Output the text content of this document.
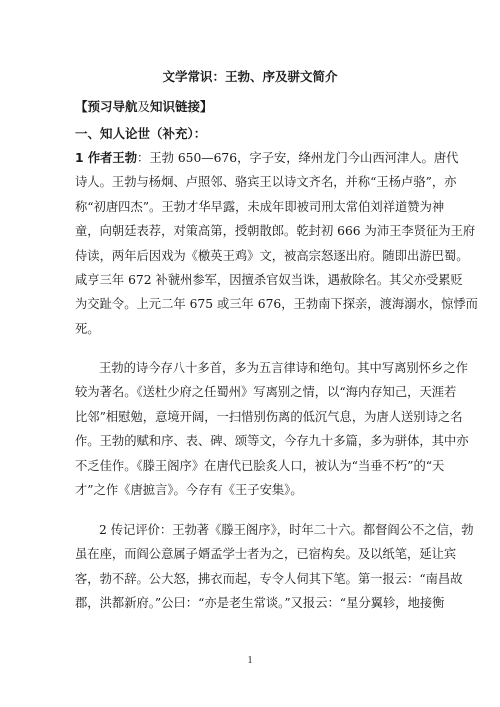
文学常识：王勃、序及骈文简介
【预习导航及知识链接】
一、知人论世（补充）：
1 作者王勃：王勃 650—676，字子安，绛州龙门今山西河津人。唐代
诗人。王勃与杨炯、卢照邻、骆宾王以诗文齐名，并称“王杨卢骆”，亦
称“初唐四杰”。王勃才华早露，未成年即被司刑太常伯刘祥道赞为神
童，向朝廷表荐，对策高第，授朝散郎。乾封初 666 为沛王李贤征为王府
侍读，两年后因戏为《檄英王鸡》文，被高宗怒逐出府。随即出游巴蜀。
咸亨三年 672 补虢州参军，因擅杀官奴当诛，遇赦除名。其父亦受累贬
为交趾令。上元二年 675 或三年 676，王勃南下探亲，渡海溺水，惊悸而
死。
王勃的诗今存八十多首，多为五言律诗和绝句。其中写离别怀乡之作
较为著名。《送杜少府之任蜀州》写离别之情，以“海内存知己，天涯若
比邻”相慰勉，意境开阔，一扫惜别伤离的低沉气息，为唐人送别诗之名
作。王勃的赋和序、表、碑、颂等文，今存九十多篇，多为骈体，其中亦
不乏佳作。《滕王阁序》在唐代已脍炙人口，被认为“当垂不朽”的“天
才”之作《唐摭言》。今存有《王子安集》。
2 传记评价：王勃著《滕王阁序》，时年二十六。都督阎公不之信，勃
虽在座，而阎公意属子婿孟学士者为之，已宿构矣。及以纸笔，延让宾
客，勃不辞。公大怒，拂衣而起，专令人伺其下笔。第一报云：“南昌故
郡，洪都新府。”公曰：“亦是老生常谈。”又报云：“星分翼轸，地接衡
1
